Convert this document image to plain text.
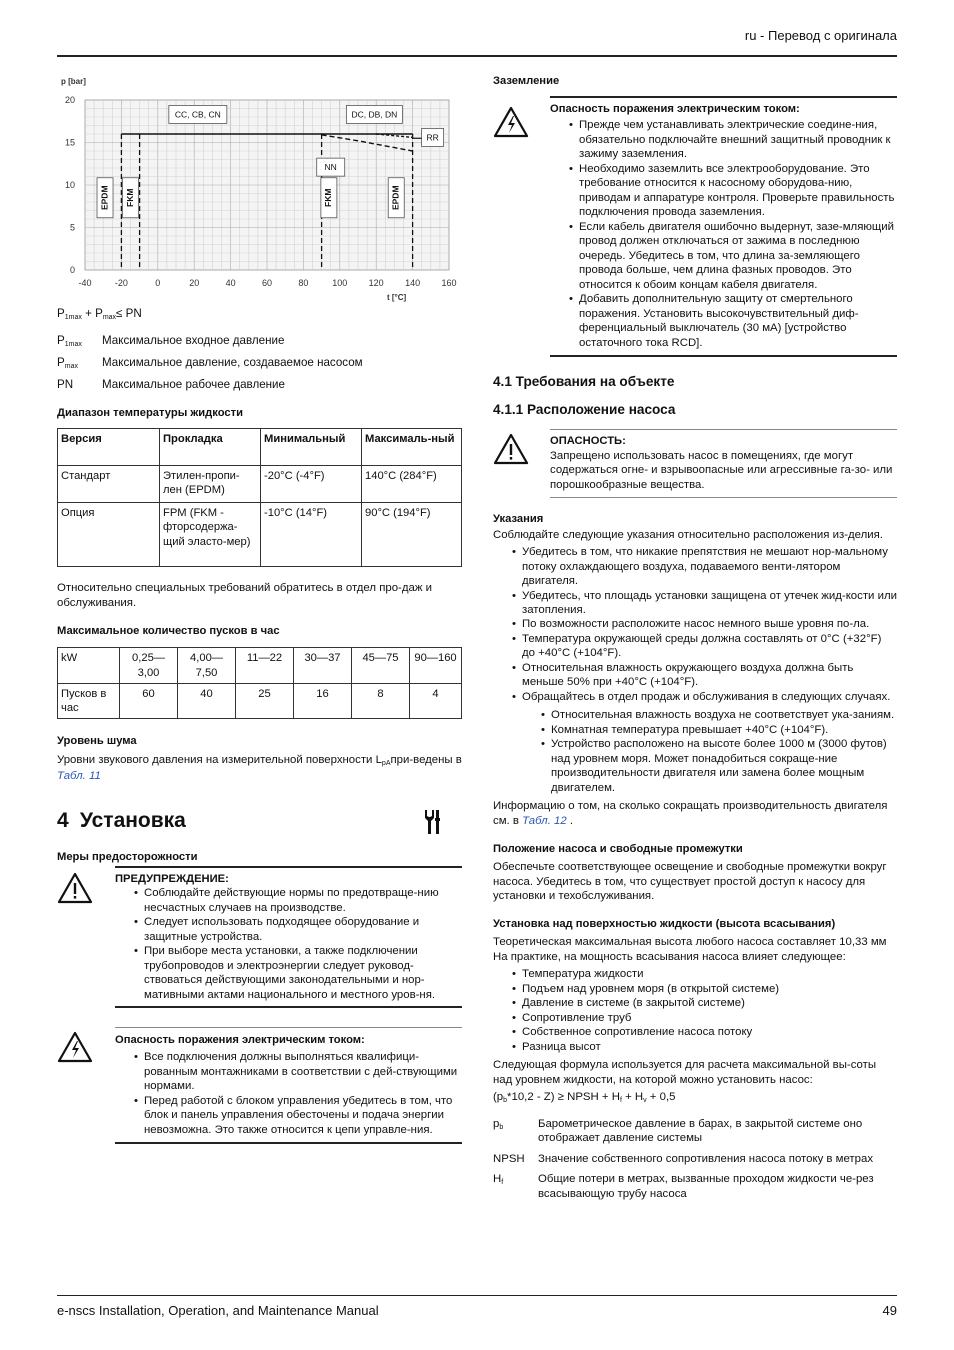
ru - Перевод с оригинала
-40	-20	0	20	40	60	80	100 120 140 160
0
5
10
15
20
p [bar]
t [°C]
EPDM FKM	FKM	EPDM
CC, CB, CN	DC, DB, DN
NN
RR

P1max + Pmax≤ PN

P1max	Максимальное входное давление
Pmax	Максимальное давление, создаваемое насосом
PN	Максимальное рабочее давление

Диапазон температуры жидкости

Версия	Прокладка	Минимальный	Максималь-ный
Стандарт	Этилен-пропи-лен (EPDM)	-20°C (-4°F)	140°C (284°F)
Опция	FPM (FKM - фторсодержа-щий эласто-мер)	-10°C (14°F)	90°C (194°F)

Относительно специальных требований обратитесь в отдел про-даж и обслуживания.

Максимальное количество пусков в час

kW	0,25— 3,00	4,00— 7,50	11—22	30—37	45—75	90—160
Пусков в час	60	40	25	16	8	4

Уровень шума

Уровни звукового давления на измерительной поверхности LpAпри-ведены в Табл. 11

4 Установка

Меры предосторожности

ПРЕДУПРЕЖДЕНИЕ:

• Соблюдайте действующие нормы по предотвраще-нию несчастных случаев на производстве.
• Следует использовать подходящее оборудование и защитные устройства.
• При выборе места установки, а также подключении трубопроводов и электроэнергии следует руковод-ствоваться действующими законодательными и нор-мативными актами национального и местного уров-ня.

Опасность поражения электрическим током:

• Все подключения должны выполняться квалифици-рованным монтажниками в соответствии с дей-ствующими нормами.
• Перед работой с блоком управления убедитесь в том, что блок и панель управления обесточены и подача энергии невозможна. Это также относится к цепи управле-ния.

Заземление

Опасность поражения электрическим током:

• Прежде чем устанавливать электрические соедине-ния, обязательно подключайте внешний защитный проводник к зажиму заземления.
• Необходимо заземлить все электрооборудование. Это требование относится к насосному оборудова-нию, приводам и аппаратуре контроля. Проверьте правильность подключения провода заземления.
• Если кабель двигателя ошибочно выдернут, зазе-мляющий провод должен отключаться от зажима в последнюю очередь. Убедитесь в том, что длина за-земляющего провода больше, чем длина фазных проводов. Это относится к обоим концам кабеля двигателя.
• Добавить дополнительную защиту от смертельного поражения. Установить высокочувствительный диф-ференциальный выключатель (30 мА) [устройство остаточного тока RCD].

4.1 Требования на объекте

4.1.1 Расположение насоса

ОПАСНОСТЬ:

Запрещено использовать насос в помещениях, где могут содержаться огне- и взрывоопасные или агрессивные га-зо- или порошкообразные вещества.

Указания

Соблюдайте следующие указания относительно расположения из-делия.

• Убедитесь в том, что никакие препятствия не мешают нор-мальному потоку охлаждающего воздуха, подаваемого венти-лятором двигателя.
• Убедитесь, что площадь установки защищена от утечек жид-кости или затопления.
• По возможности расположите насос немного выше уровня по-ла.
• Температура окружающей среды должна составлять от 0°C (+32°F) до +40°C (+104°F).
• Относительная влажность окружающего воздуха должна быть меньше 50% при +40°C (+104°F).
• Обращайтесь в отдел продаж и обслуживания в следующих случаях.
• Относительная влажность воздуха не соответствует ука-заниям.
• Комнатная температура превышает +40°C (+104°F).
• Устройство расположено на высоте более 1000 м (3000 футов) над уровнем моря. Может понадобиться сокраще-ние производительности двигателя или замена более мощным двигателем.

Информацию о том, на сколько сокращать производительность двигателя см. в Табл. 12 .

Положение насоса и свободные промежутки

Обеспечьте соответствующее освещение и свободные промежутки вокруг насоса. Убедитесь в том, что существует простой доступ к насосу для установки и техобслуживания.

Установка над поверхностью жидкости (высота всасывания)

Теоретическая максимальная высота любого насоса составляет 10,33 мм На практике, на мощность всасывания насоса влияет следующее:

• Температура жидкости
• Подъем над уровнем моря (в открытой системе)
• Давление в системе (в закрытой системе)
• Сопротивление труб
• Собственное сопротивление насоса потоку
• Разница высот

Следующая формула используется для расчета максимальной вы-соты над уровнем жидкости, на которой можно установить насос:

(pb*10,2 - Z) ≥ NPSH + Hf + Hv + 0,5

pb	Барометрическое давление в барах, в закрытой системе оно отображает давление системы
NPSH	Значение собственного сопротивления насоса потоку в метрах
Hf	Общие потери в метрах, вызванные проходом жидкости че-рез всасывающую трубу насоса
e-nscs Installation, Operation, and Maintenance Manual	49
